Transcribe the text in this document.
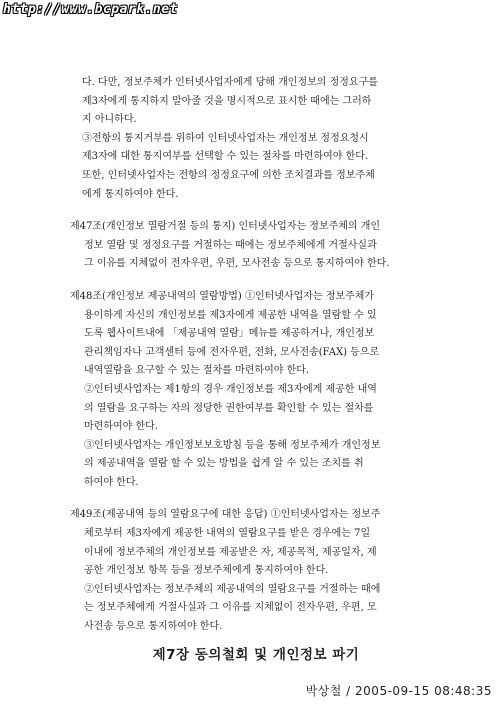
http://www.bcpark.net
다. 다만, 정보주체가 인터넷사업자에게 당해 개인정보의 정정요구를
제3자에게 통지하지 말아줄 것을 명시적으로 표시한 때에는 그러하
지 아니하다.
③전항의 통지거부를 위하여 인터넷사업자는 개인정보 정정요청시
제3자에 대한 통지여부를 선택할 수 있는 절차를 마련하여야 한다.
또한, 인터넷사업자는 전항의 정정요구에 의한 조치결과를 정보주체
에게 통지하여야 한다.
제47조(개인정보 열람거절 등의 통지) 인터넷사업자는 정보주체의 개인
정보 열람 및 정정요구를 거절하는 때에는 정보주체에게 거절사실과
그 이유를 지체없이 전자우편, 우편, 모사전송 등으로 통지하여야 한다.
제48조(개인정보 제공내역의 열람방법) ①인터넷사업자는 정보주체가
용이하게 자신의 개인정보를 제3자에게 제공한 내역을 열람할 수 있
도록 웹사이트내에 「제공내역 열람」메뉴를 제공하거나, 개인정보
관리책임자나 고객센터 등에 전자우편, 전화, 모사전송(FAX) 등으로
내역열람을 요구할 수 있는 절차를 마련하여야 한다.
②인터넷사업자는 제1항의 경우 개인정보를 제3자에게 제공한 내역
의 열람을 요구하는 자의 정당한 권한여부를 확인할 수 있는 절차를
마련하여야 한다.
③인터넷사업자는 개인정보보호방침 등을 통해 정보주체가 개인정보
의 제공내역을 열람 할 수 있는 방법을 쉽게 알 수 있는 조치를 취
하여야 한다.
제49조(제공내역 등의 열람요구에 대한 응답) ①인터넷사업자는 정보주
체로부터 제3자에게 제공한 내역의 열람요구를 받은 경우에는 7일
이내에 정보주체의 개인정보를 제공받은 자, 제공목적, 제공일자, 제
공한 개인정보 항목 등을 정보주체에게 통지하여야 한다.
②인터넷사업자는 정보주체의 제공내역의 열람요구를 거절하는 때에
는 정보주체에게 거절사실과 그 이유를 지체없이 전자우편, 우편, 모
사전송 등으로 통지하여야 한다.
제7장 동의철회 및 개인정보 파기
박상철 / 2005-09-15 08:48:35
